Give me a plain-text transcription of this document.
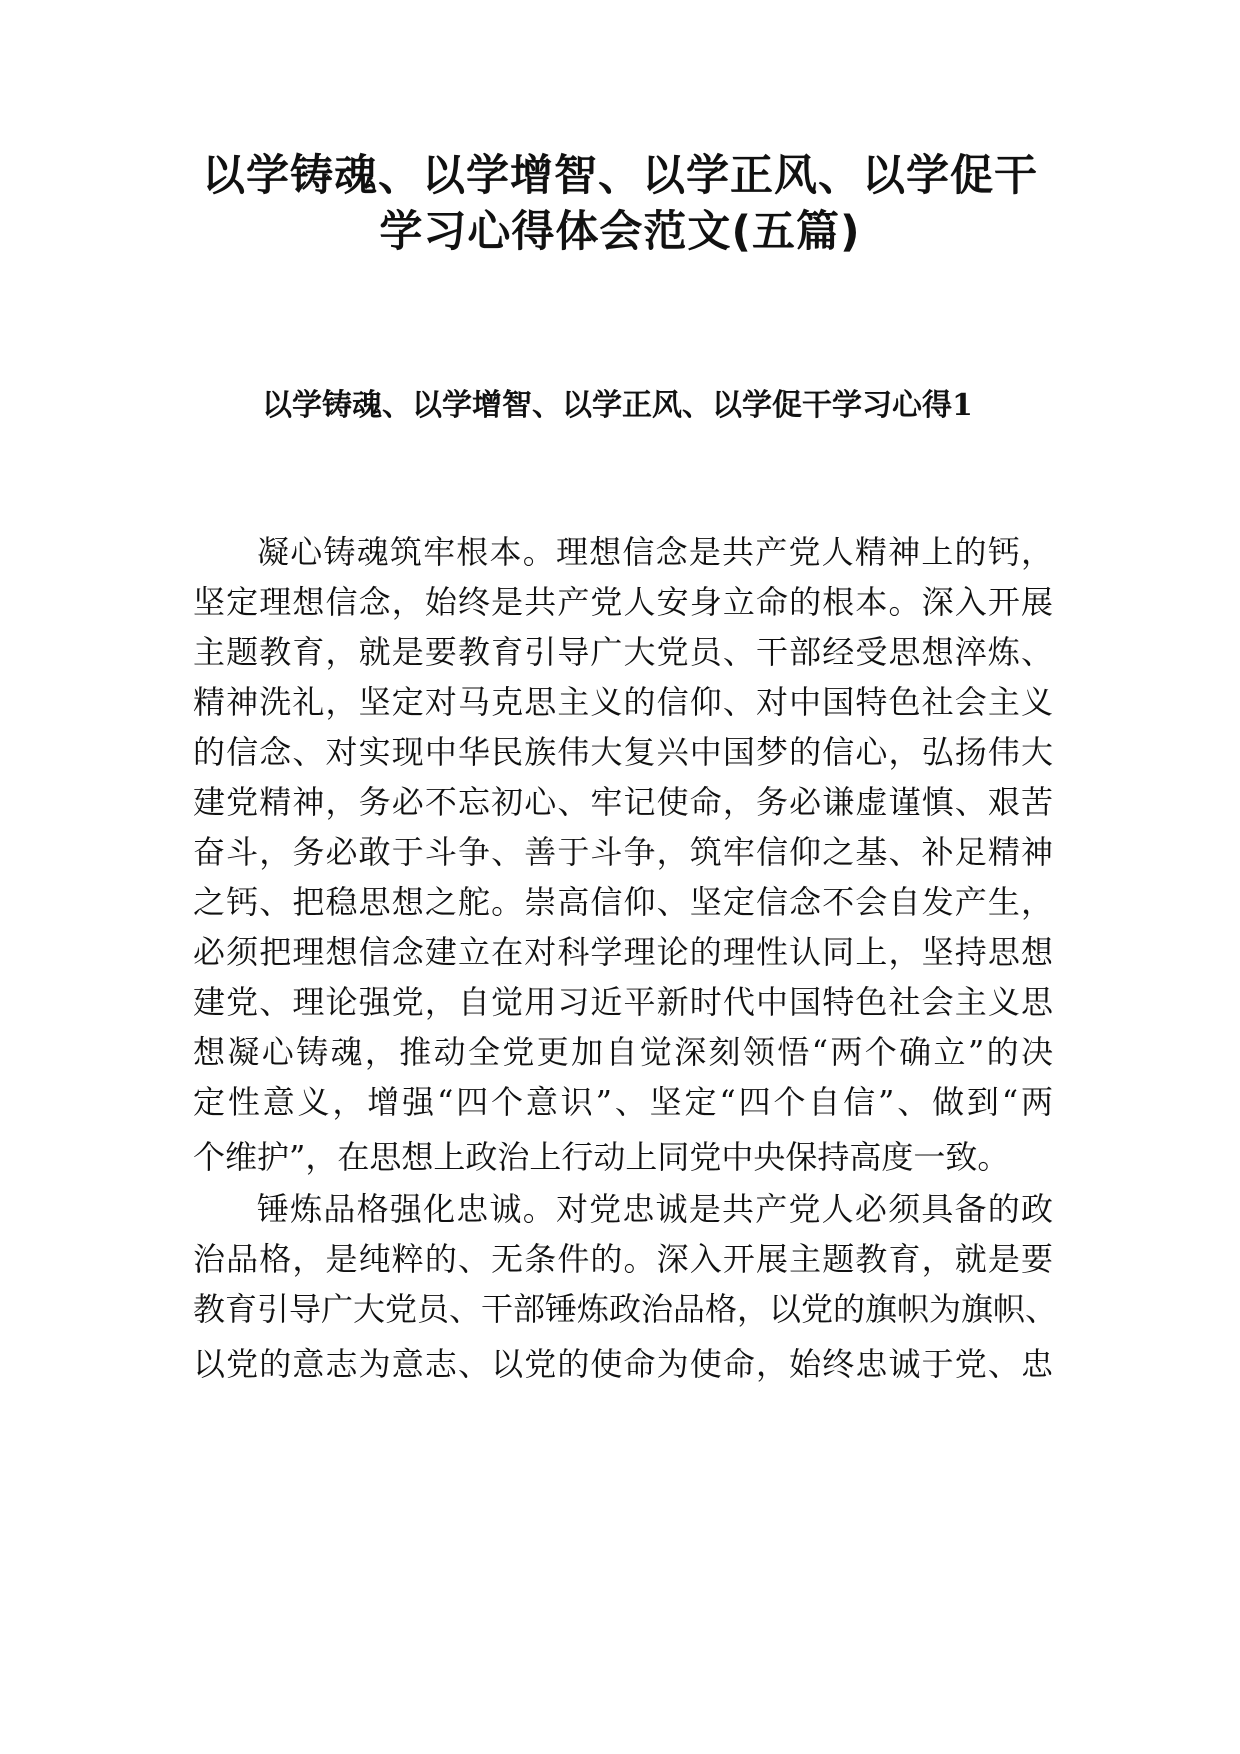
以学铸魂、以学增智、以学正风、以学促干
学习心得体会范文(五篇)
以学铸魂、以学增智、以学正风、以学促干学习心得1

凝心铸魂筑牢根本。理想信念是共产党人精神上的钙，

坚定理想信念，始终是共产党人安身立命的根本。深入开展

主题教育，就是要教育引导广大党员、干部经受思想淬炼、

精神洗礼，坚定对马克思主义的信仰、对中国特色社会主义

的信念、对实现中华民族伟大复兴中国梦的信心，弘扬伟大

建党精神，务必不忘初心、牢记使命，务必谦虚谨慎、艰苦

奋斗，务必敢于斗争、善于斗争，筑牢信仰之基、补足精神

之钙、把稳思想之舵。崇高信仰、坚定信念不会自发产生，

必须把理想信念建立在对科学理论的理性认同上，坚持思想

建党、理论强党，自觉用习近平新时代中国特色社会主义思

想凝心铸魂，推动全党更加自觉深刻领悟“两个确立”的决

定性意义，增强“四个意识”、坚定“四个自信”、做到“两

个维护”，在思想上政治上行动上同党中央保持高度一致。

锤炼品格强化忠诚。对党忠诚是共产党人必须具备的政

治品格，是纯粹的、无条件的。深入开展主题教育，就是要

教育引导广大党员、干部锤炼政治品格，以党的旗帜为旗帜、

以党的意志为意志、以党的使命为使命，始终忠诚于党、忠
